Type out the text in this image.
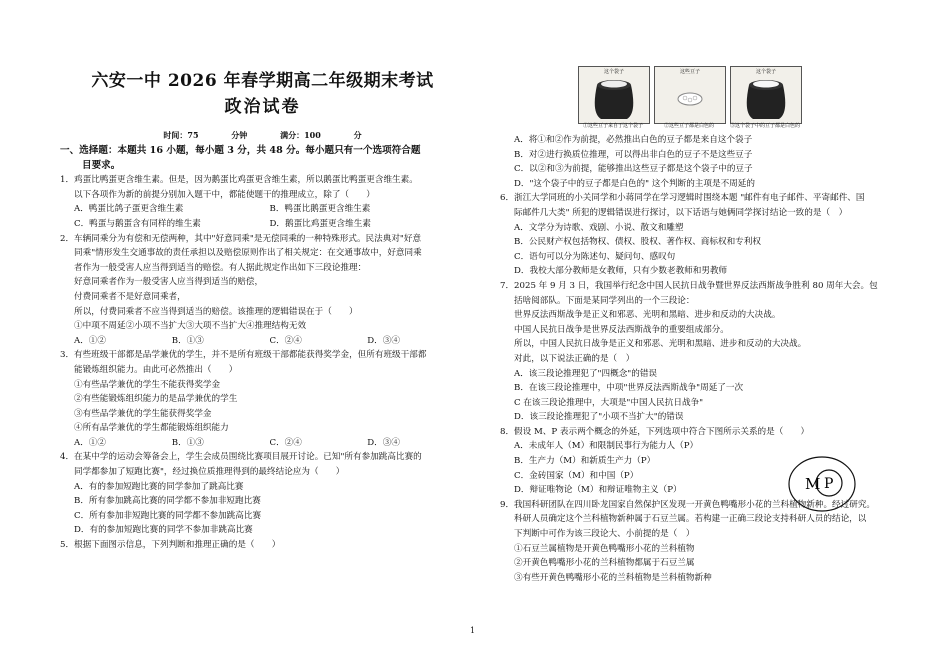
六安一中 2026 年春学期高二年级期末考试
政治试卷
时间：75 分钟	满分：100 分
一、选择题：本题共 16 小题，每小题 3 分，共 48 分。每小题只有一个选项符合题
目要求。
1．鸡蛋比鸭蛋更含维生素。但是，因为鹅蛋比鸡蛋更含维生素，所以鹅蛋比鸭蛋更含维生素。
以下各项作为新的前提分别加入题干中，都能使题干的推理成立，除了（　　）
A．鸭蛋比鸽子蛋更含维生素	B．鸭蛋比鹅蛋更含维生素
C．鸭蛋与鹅蛋含有同样的维生素	D．鹅蛋比鸡蛋更含维生素
2．车辆同乘分为有偿和无偿两种，其中"好意同乘"是无偿同乘的一种特殊形式。民法典对"好意
同乘"情形发生交通事故的责任承担以及赔偿原则作出了相关规定：在交通事故中，好意同乘
者作为一般受害人应当得到适当的赔偿。有人据此规定作出如下三段论推理：
好意同乘者作为一般受害人应当得到适当的赔偿，
付费同乘者不是好意同乘者，
所以，付费同乘者不应当得到适当的赔偿。该推理的逻辑错误在于（　　）
①中项不周延②小项不当扩大③大项不当扩大④推理结构无效
A．①②	B．①③	C．②④	D．③④
3．有些班级干部都是品学兼优的学生，并不是所有班级干部都能获得奖学金，但所有班级干部都
能锻炼组织能力。由此可必然推出（　　）
①有些品学兼优的学生不能获得奖学金
②有些能锻炼组织能力的是品学兼优的学生
③有些品学兼优的学生能获得奖学金
④所有品学兼优的学生都能锻炼组织能力
A．①②	B．①③	C．②④	D．③④
4．在某中学的运动会筹备会上，学生会成员围绕比赛项目展开讨论。已知"所有参加跳高比赛的
同学都参加了短跑比赛"，经过换位质推理得到的最终结论应为（　　）
A．有的参加短跑比赛的同学参加了跳高比赛
B．所有参加跳高比赛的同学都不参加非短跑比赛
C．所有参加非短跑比赛的同学都不参加跳高比赛
D．有的参加短跑比赛的同学不参加非跳高比赛
5．根据下面图示信息，下列判断和推理正确的是（　　）
这个袋子	这些豆子	这个袋子
①这些豆子来自于这个袋子	②这些豆子都是白色的	③这个袋子中的豆子都是白色的
A．将①和②作为前提，必然推出白色的豆子都是来自这个袋子
B．对②进行换质位推理，可以得出非白色的豆子不是这些豆子
C．以②和③为前提，能够推出这些豆子都是这个袋子中的豆子
D．"这个袋子中的豆子都是白色的" 这个判断的主项是不周延的
6．浙江大学同班的小关同学和小蒋同学在学习逻辑时围绕本题 "邮件有电子邮件、平寄邮件、国
际邮件几大类" 所犯的逻辑错误进行探讨，以下话语与她俩同学探讨结论一致的是（　）
A．文学分为诗歌、戏剧、小说、散文和雕塑
B．公民财产权包括物权、债权、股权、著作权、商标权和专利权
C．语句可以分为陈述句、疑问句、感叹句
D．我校大部分教师是女教师，只有少数老教师和男教师
7．2025 年 9 月 3 日，我国举行纪念中国人民抗日战争暨世界反法西斯战争胜利 80 周年大会。包
括啥阅部队。下面是某同学列出的一个三段论：
世界反法西斯战争是正义和邪恶、光明和黑暗、进步和反动的大决战。
中国人民抗日战争是世界反法西斯战争的重要组成部分。
所以，中国人民抗日战争是正义和邪恶、光明和黑暗、进步和反动的大决战。
对此，以下说法正确的是（　）
A．该三段论推理犯了"四概念"的错误
B．在该三段论推理中，中项"世界反法西斯战争"周延了一次
C 在该三段论推理中，大项是"中国人民抗日战争"
D．该三段论推理犯了"小项不当扩大"的错误
8．假设 M、P 表示两个概念的外延，下列选项中符合下图所示关系的是（　　）
A．未成年人（M）和限制民事行为能力人（P）
B．生产力（M）和新质生产力（P）
C．金砖国家（M）和中国（P）
D．辩证唯物论（M）和辩证唯物主义（P）
9．我国科研团队在四川卧龙国家自然保护区发现一开黄色鸭嘴形小花的兰科植物新种。经过研究。
科研人员确定这个兰科植物新种属于石豆兰属。若构建一正确三段论支持科研人员的结论，以
下判断中可作为该三段论大、小前提的是（　）
①石豆兰属植物是开黄色鸭嘴形小花的兰科植物
②开黄色鸭嘴形小花的兰科植物都属于石豆兰属
③有些开黄色鸭嘴形小花的兰科植物是兰科植物新种
M P
1
